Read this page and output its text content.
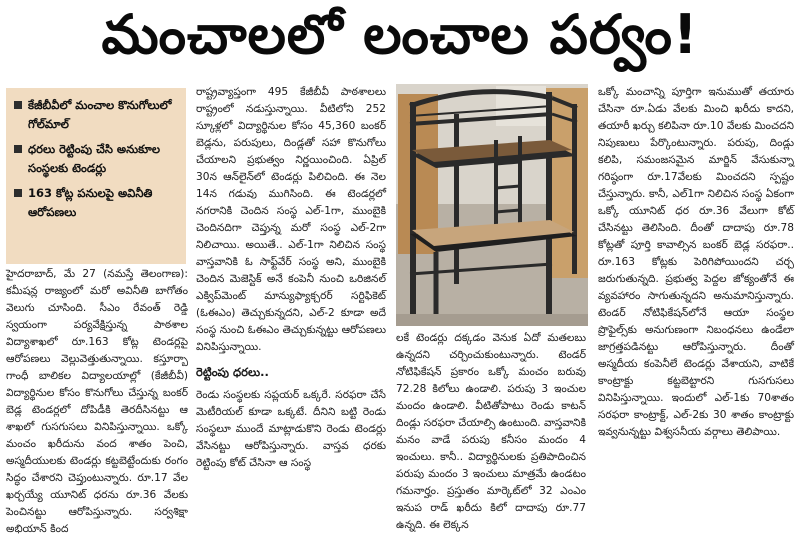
మంచాలలో లంచాల పర్వం!
కేజీబీవీలో మంచాల కొనుగోలులో గోల్‌మాల్
ధరలు రెట్టింపు చేసి అనుకూల సంస్థలకు టెండర్లు
163 కోట్ల పనులపై అవినీతి ఆరోపణలు

హైదరాబాద్, మే 27 (నమస్తే తెలంగాణ): కమీషన్ల రాజ్యంలో మరో అవినీతి బాగోతం వెలుగు చూసింది. సీఎం రేవంత్ రెడ్డి స్వయంగా పర్యవేక్షిస్తున్న పాఠశాల విద్యాశాఖలో రూ.163 కోట్ల టెండర్లపై ఆరోపణలు వెల్లువెత్తుతున్నాయి. కస్తూర్బా గాంధీ బాలికల విద్యాలయాల్లో (కేజీబీవీ) విద్యార్థినుల కోసం కొనుగోలు చేస్తున్న బంకర్ బెడ్ల టెండర్లలో దోపిడీకి తెరదీసినట్టు ఆ శాఖలో గుసగుసలు వినిపిస్తున్నాయి. ఒక్కో మంచం ఖరీదును వంద శాతం పెంచి, అస్మదీయులకు టెండర్లు కట్టబెట్టేందుకు రంగం సిద్ధం చేశారని చెప్తుంటున్నారు. రూ.17 వేల ఖర్చయ్యే యూనిట్ ధరను రూ.36 వేలకు పెంచినట్టు ఆరోపిస్తున్నారు. సర్వశిక్షా అభియాన్ కింద

రాష్ట్రవ్యాప్తంగా 495 కేజీబీవీ పాఠశాలలు రాష్ట్రంలో నడుస్తున్నాయి. వీటిలోని 252 స్కూళ్లలో విద్యార్థినుల కోసం 45,360 బంకర్ బెడ్లను, పరుపులు, దిండ్లతో సహా కొనుగోలు చేయాలని ప్రభుత్వం నిర్ణయించింది. ఏప్రిల్ 30న ఆన్‌లైన్‌లో టెండర్లు పిలిచింది. ఈ నెల 14న గడువు ముగిసింది. ఈ టెండర్లలో నగరానికి చెందిన సంస్థ ఎల్-1గా, ముంబైకి చెందినదిగా చెప్తున్న మరో సంస్థ ఎల్-2గా నిలిచాయి. అయితే.. ఎల్-1గా నిలిచిన సంస్థ వాస్తవానికి ఓ సాఫ్ట్‌వేర్ సంస్థ అని, ముంబైకి చెందిన మెజెస్టిక్ అనే కంపెనీ నుంచి ఒరిజినల్ ఎక్విప్‌మెంట్ మాన్యుఫ్యాక్చరర్ సర్టిఫికెట్ (ఓఈఎం) తెచ్చుకున్నదని, ఎల్-2 కూడా అదే సంస్థ నుంచి ఓఈఎం తెచ్చుకున్నట్టు ఆరోపణలు వినిపిస్తున్నాయి.

రెట్టింపు ధరలు..

రెండు సంస్థలకు సప్లయర్ ఒక్కరే. సరఫరా చేసే మెటీరియల్ కూడా ఒక్కటే. దీనిని బట్టి రెండు సంస్థలూ ముందే మాట్లాడుకొని రెండు టెండర్లు వేసినట్టు ఆరోపిస్తున్నారు. వాస్తవ ధరకు రెట్టింపు కోట్ చేసినా ఆ సంస్థ

లకే టెండర్లు దక్కడం వెనుక ఏదో మతలబు ఉన్నదని చర్చించుకుంటున్నారు. టెండర్ నోటిఫికేషన్ ప్రకారం ఒక్కో మంచం బరువు 72.28 కిలోలు ఉండాలి. పరుపు 3 ఇంచుల మందం ఉండాలి. వీటితోపాటు రెండు కాటన్ దిండ్లు సరఫరా చేయాల్సి ఉంటుంది. వాస్తవానికి మనం వాడే పరుపు కనీసం మందం 4 ఇంచులు. కానీ.. విద్యార్థినులకు ప్రతిపాదించిన పరుపు మందం 3 ఇంచులు మాత్రమే ఉండటం గమనార్హం. ప్రస్తుతం మార్కెట్‌లో 32 ఎంఎం ఇనుప రాడ్ ఖరీదు కిలో దాదాపు రూ.77 ఉన్నది. ఈ లెక్కన

ఒక్కో మంచాన్ని పూర్తిగా ఇనుముతో తయారు చేసినా రూ.ఏడు వేలకు మించి ఖరీదు కాదని, తయారీ ఖర్చు కలిపినా రూ.10 వేలకు మించదని నిపుణులు పేర్కొంటున్నారు. పరుపు, దిండ్లు కలిపి, సమంజసమైన మార్జిన్ వేసుకున్నా గరిష్ఠంగా రూ.17వేలకు మించదని స్పష్టం చేస్తున్నారు. కానీ, ఎల్1గా నిలిచిన సంస్థ ఏకంగా ఒక్కో యూనిట్ ధర రూ.36 వేలుగా కోట్ చేసినట్టు తెలిసింది. దీంతో దాదాపు రూ.78 కోట్లతో పూర్తి కావాల్సిన బంకర్ బెడ్ల సరఫరా.. రూ.163 కోట్లకు పెరిగిపోయిందని చర్చ జరుగుతున్నది. ప్రభుత్వ పెద్దల జోక్యంతోనే ఈ వ్యవహారం సాగుతున్నదని అనుమానిస్తున్నారు. టెండర్ నోటిఫికేషన్‌లోనే ఆయా సంస్థల ప్రొఫైల్స్‌కు అనుగుణంగా నిబంధనలు ఉండేలా జాగ్రత్తపడినట్టు ఆరోపిస్తున్నారు. దీంతో అస్మదీయ కంపెనీలే టెండర్లు వేశాయని, వాటికే కాంట్రాక్టు కట్టబెట్టారని గుసగుసలు వినిపిస్తున్నాయి. ఇందులో ఎల్-1కు 70శాతం సరఫరా కాంట్రాక్ట్, ఎల్-2కు 30 శాతం కాంట్రాక్టు ఇవ్వనున్నట్టు విశ్వసనీయ వర్గాలు తెలిపాయి.
